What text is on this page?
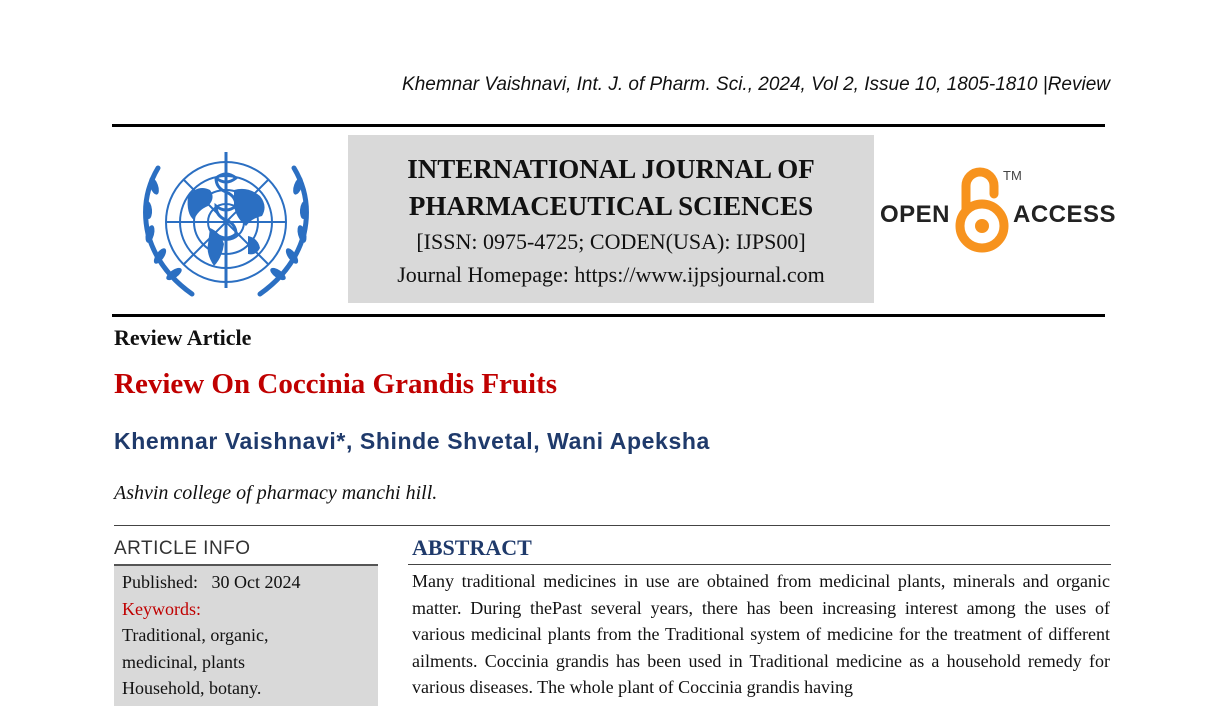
Khemnar Vaishnavi, Int. J. of Pharm. Sci., 2024, Vol 2, Issue 10, 1805-1810 |Review
INTERNATIONAL JOURNAL OF
PHARMACEUTICAL SCIENCES
[ISSN: 0975-4725; CODEN(USA): IJPS00]
Journal Homepage: https://www.ijpsjournal.com
OPEN
TM
ACCESS
Review Article
Review On Coccinia Grandis Fruits
Khemnar Vaishnavi*, Shinde Shvetal, Wani Apeksha
Ashvin college of pharmacy manchi hill.
ARTICLE INFO
Published: 30 Oct 2024
Keywords:
Traditional, organic,
medicinal, plants
Household, botany.
ABSTRACT
Many traditional medicines in use are obtained from medicinal plants, minerals and organic matter. During thePast several years, there has been increasing interest among the uses of various medicinal plants from the Traditional system of medicine for the treatment of different ailments. Coccinia grandis has been used in Traditional medicine as a household remedy for various diseases. The whole plant of Coccinia grandis having
